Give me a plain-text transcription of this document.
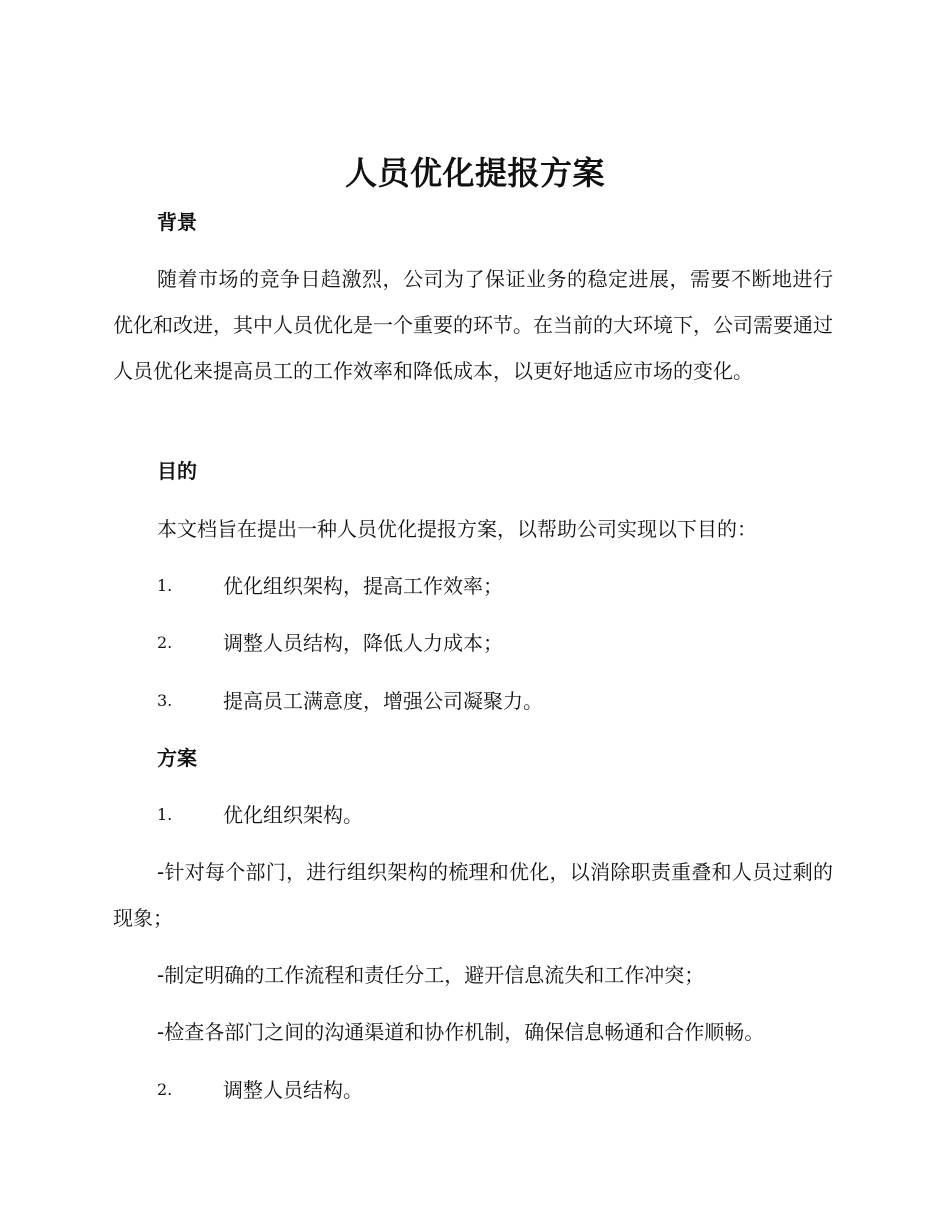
人员优化提报方案
背景
随着市场的竞争日趋激烈，公司为了保证业务的稳定进展，需要不断地进行优化和改进，其中人员优化是一个重要的环节。在当前的大环境下，公司需要通过人员优化来提高员工的工作效率和降低成本，以更好地适应市场的变化。
目的
本文档旨在提出一种人员优化提报方案，以帮助公司实现以下目的：
1.	优化组织架构，提高工作效率；
2.	调整人员结构，降低人力成本；
3.	提高员工满意度，增强公司凝聚力。
方案
1.	优化组织架构。
-针对每个部门，进行组织架构的梳理和优化，以消除职责重叠和人员过剩的现象；
-制定明确的工作流程和责任分工，避开信息流失和工作冲突；
-检查各部门之间的沟通渠道和协作机制，确保信息畅通和合作顺畅。
2.	调整人员结构。
